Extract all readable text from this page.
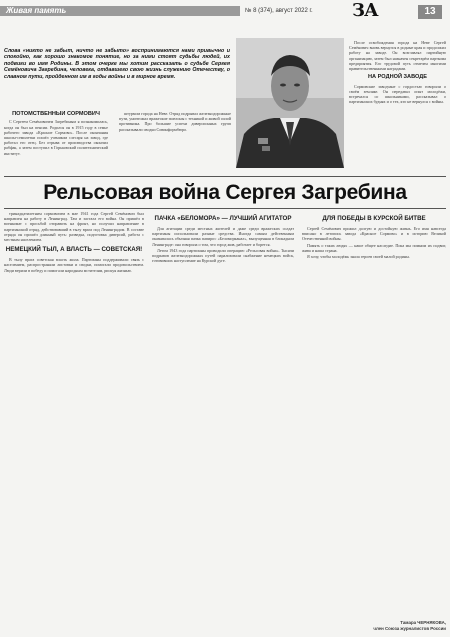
Живая память	№ 8 (374), август 2022 г. ЗА	13
Слова «никто не забыт, ничто не забыто» воспринимаются нами привычно и спокойно, как хорошо знакомое понятие, но за ними стоят судьбы людей, их подвиги во имя Родины. В этом очерке мы хотим рассказать о судьбе Сергея Семёновича Загребина, человека, отдавшего свою жизнь служению Отечеству, о славном пути, пройденном им в годы войны и в мирное время.

После освобождения города на Неве Сергей Семёнович вновь вернулся в родные края и продолжил работу на заводе. Он возглавлял партийную организацию, затем был назначен секретарём парткома предприятия. Его трудовой путь отмечен многими правительственными наградами.

НА РОДНОЙ ЗАВОДЕ

Сормовские заводчане с гордостью говорили о своём земляке. Он передавал опыт молодёжи, встречался со школьниками, рассказывал о партизанских буднях и о тех, кто не вернулся с войны.

Рельсовая война Сергея Загребина
ПОТОМСТВЕННЫЙ СОРМОВИЧ

С Сергеем Семёновичем Загребиным я познакомилась, когда он был на пенсии. Родился он в 1915 году в семье рабочего завода «Красное Сормово». После окончания школы-семилетки пошёл учеником слесаря на завод, где работал его отец. Без отрыва от производства окончил рабфак, а затем поступил в Горьковский политехнический институт.

штурмом города на Неве. Отряд подрывал железнодорожные пути, уничтожал вражеские эшелоны с техникой и живой силой противника. Про большие успехи диверсионных групп рассказывали сводки Совинформбюро.

тринадцатилетним сормовичем в мае 1941 года Сергей Семёнович был направлен на работу в Ленинград. Там и застала его война. Он пришёл в военкомат с просьбой отправить на фронт, но получил направление в партизанский отряд, действовавший в тылу врага под Ленинградом. В составе отряда он прошёл длинный путь: разведка, подготовка диверсий, работа с местным населением.

НЕМЕЦКИЙ ТЫЛ, А ВЛАСТЬ — СОВЕТСКАЯ!

В тылу врага советская власть жила. Партизаны поддерживали связь с населением, распространяли листовки и сводки, помогали продовольствием. Люди верили в победу и помогали народным мстителям, рискуя жизнью.

ПАЧКА «БЕЛОМОРА» — ЛУЧШИЙ АГИТАТОР

Для агитации среди местных жителей и даже среди вражеских солдат партизаны использовали разные средства. Иногда самым действенным оказывалась обычная пачка папирос «Беломорканал», выпущенная в блокадном Ленинграде: она говорила о том, что город жив, работает и борется.

Летом 1943 года партизаны проводили операцию «Рельсовая война». Тысячи подрывов железнодорожных путей парализовали снабжение немецких войск, готовивших наступление на Курской дуге.

ДЛЯ ПОБЕДЫ В КУРСКОЙ БИТВЕ

Сергей Семёнович прожил долгую и достойную жизнь. Его имя навсегда вписано в летопись завода «Красное Сормово» и в историю Великой Отечественной войны.

Память о таких людях — наше общее наследие. Пока мы помним их подвиг, жива и наша страна.

Я хочу, чтобы молодёжь знала героев своей малой родины.

Тамара ЧЕРНЯКОВА,
член Союза журналистов России
